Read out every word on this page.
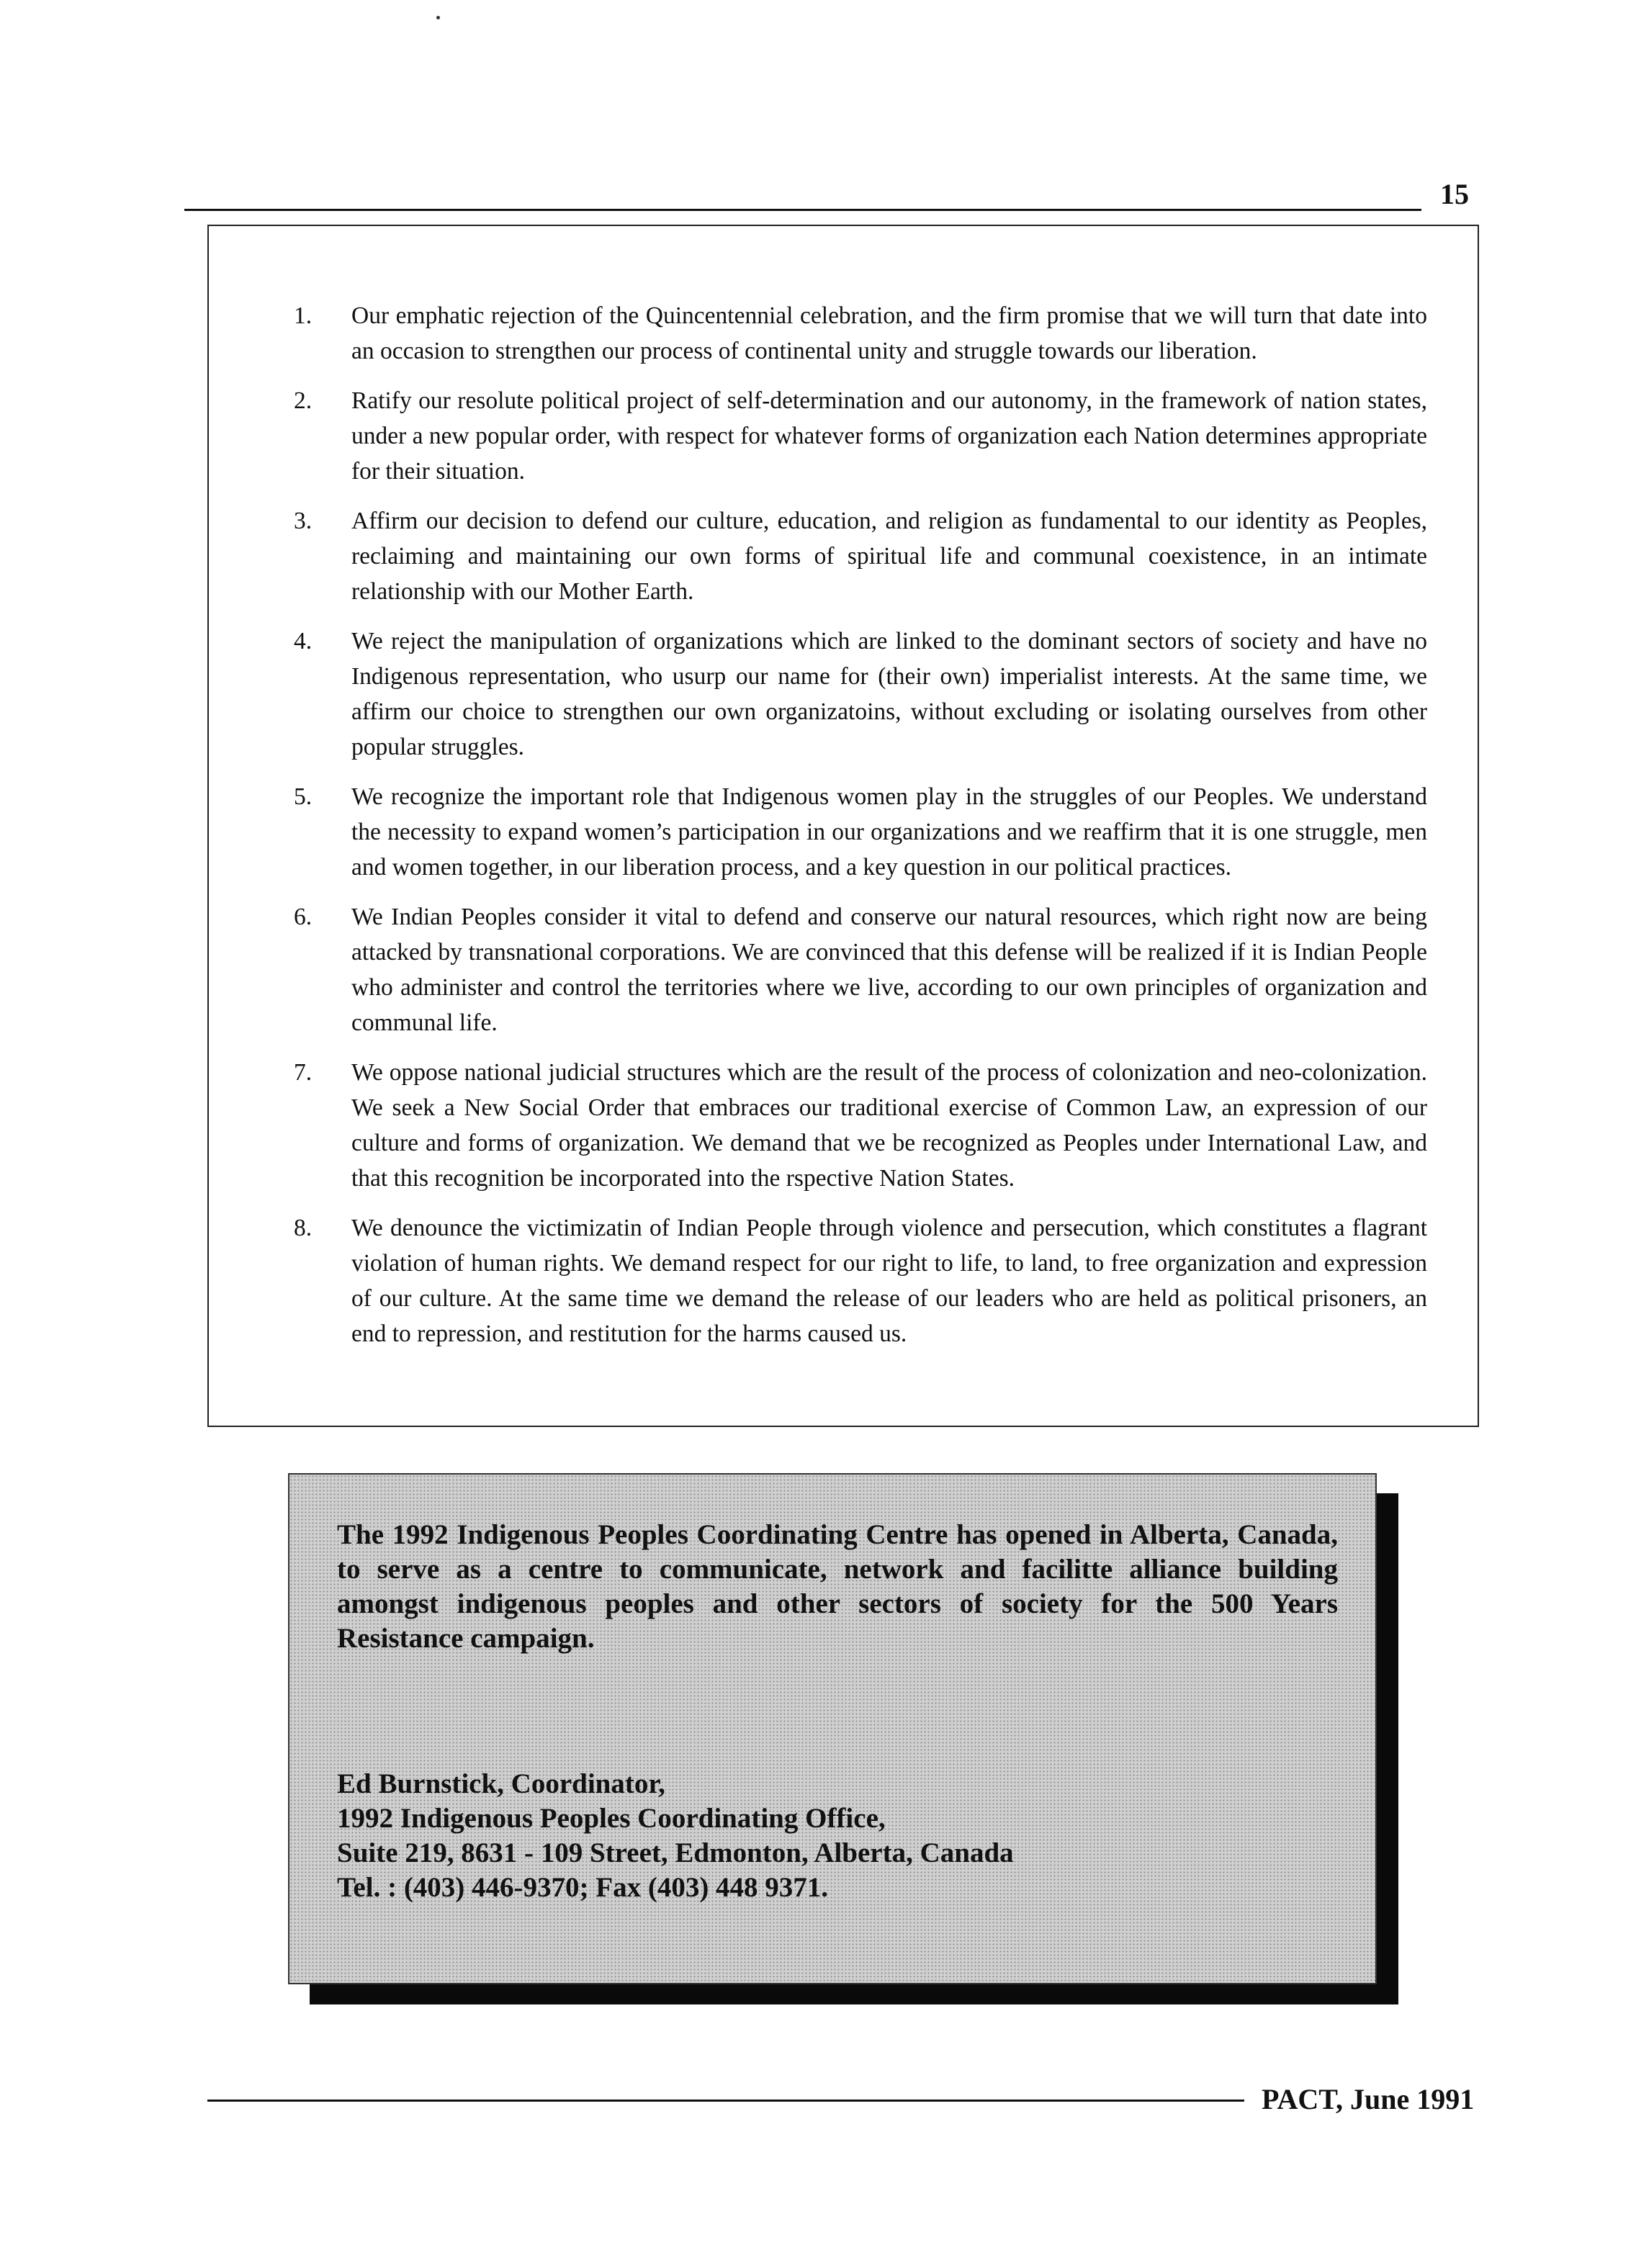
15
1. Our emphatic rejection of the Quincentennial celebration, and the firm promise that we will turn that date into an occasion to strengthen our process of continental unity and struggle towards our liberation.
2. Ratify our resolute political project of self-determination and our autonomy, in the framework of nation states, under a new popular order, with respect for whatever forms of organization each Nation determines appropriate for their situation.
3. Affirm our decision to defend our culture, education, and religion as fundamental to our identity as Peoples, reclaiming and maintaining our own forms of spiritual life and communal coexistence, in an intimate relationship with our Mother Earth.
4. We reject the manipulation of organizations which are linked to the dominant sectors of society and have no Indigenous representation, who usurp our name for (their own) imperialist interests. At the same time, we affirm our choice to strengthen our own organizatoins, without excluding or isolating ourselves from other popular struggles.
5. We recognize the important role that Indigenous women play in the struggles of our Peoples. We understand the necessity to expand women’s participation in our organizations and we reaffirm that it is one struggle, men and women together, in our liberation process, and a key question in our political practices.
6. We Indian Peoples consider it vital to defend and conserve our natural resources, which right now are being attacked by transnational corporations. We are convinced that this defense will be realized if it is Indian People who administer and control the territories where we live, according to our own principles of organization and communal life.
7. We oppose national judicial structures which are the result of the process of colonization and neo-colonization. We seek a New Social Order that embraces our traditional exercise of Common Law, an expression of our culture and forms of organization. We demand that we be recognized as Peoples under International Law, and that this recognition be incorporated into the rspective Nation States.
8. We denounce the victimizatin of Indian People through violence and persecution, which constitutes a flagrant violation of human rights. We demand respect for our right to life, to land, to free organization and expression of our culture. At the same time we demand the release of our leaders who are held as political prisoners, an end to repression, and restitution for the harms caused us.

The 1992 Indigenous Peoples Coordinating Centre has opened in Alberta, Canada, to serve as a centre to communicate, network and facilitte alliance building amongst indigenous peoples and other sectors of society for the 500 Years Resistance campaign.

Ed Burnstick, Coordinator,
1992 Indigenous Peoples Coordinating Office,
Suite 219, 8631 - 109 Street, Edmonton, Alberta, Canada
Tel. : (403) 446-9370; Fax (403) 448 9371.
PACT, June 1991
